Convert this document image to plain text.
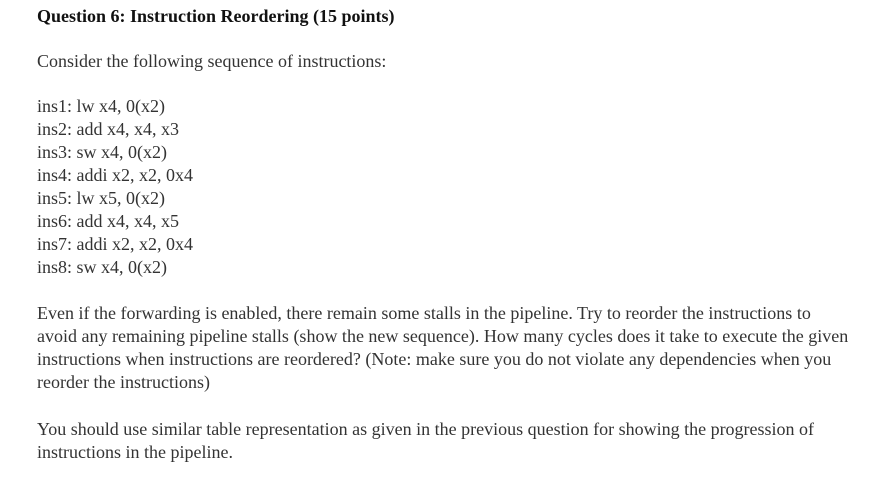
Question 6: Instruction Reordering (15 points)
Consider the following sequence of instructions:
ins1: lw x4, 0(x2)
ins2: add x4, x4, x3
ins3: sw x4, 0(x2)
ins4: addi x2, x2, 0x4
ins5: lw x5, 0(x2)
ins6: add x4, x4, x5
ins7: addi x2, x2, 0x4
ins8: sw x4, 0(x2)

Even if the forwarding is enabled, there remain some stalls in the pipeline. Try to reorder the instructions to avoid any remaining pipeline stalls (show the new sequence). How many cycles does it take to execute the given instructions when instructions are reordered? (Note: make sure you do not violate any dependencies when you reorder the instructions)

You should use similar table representation as given in the previous question for showing the progression of instructions in the pipeline.
